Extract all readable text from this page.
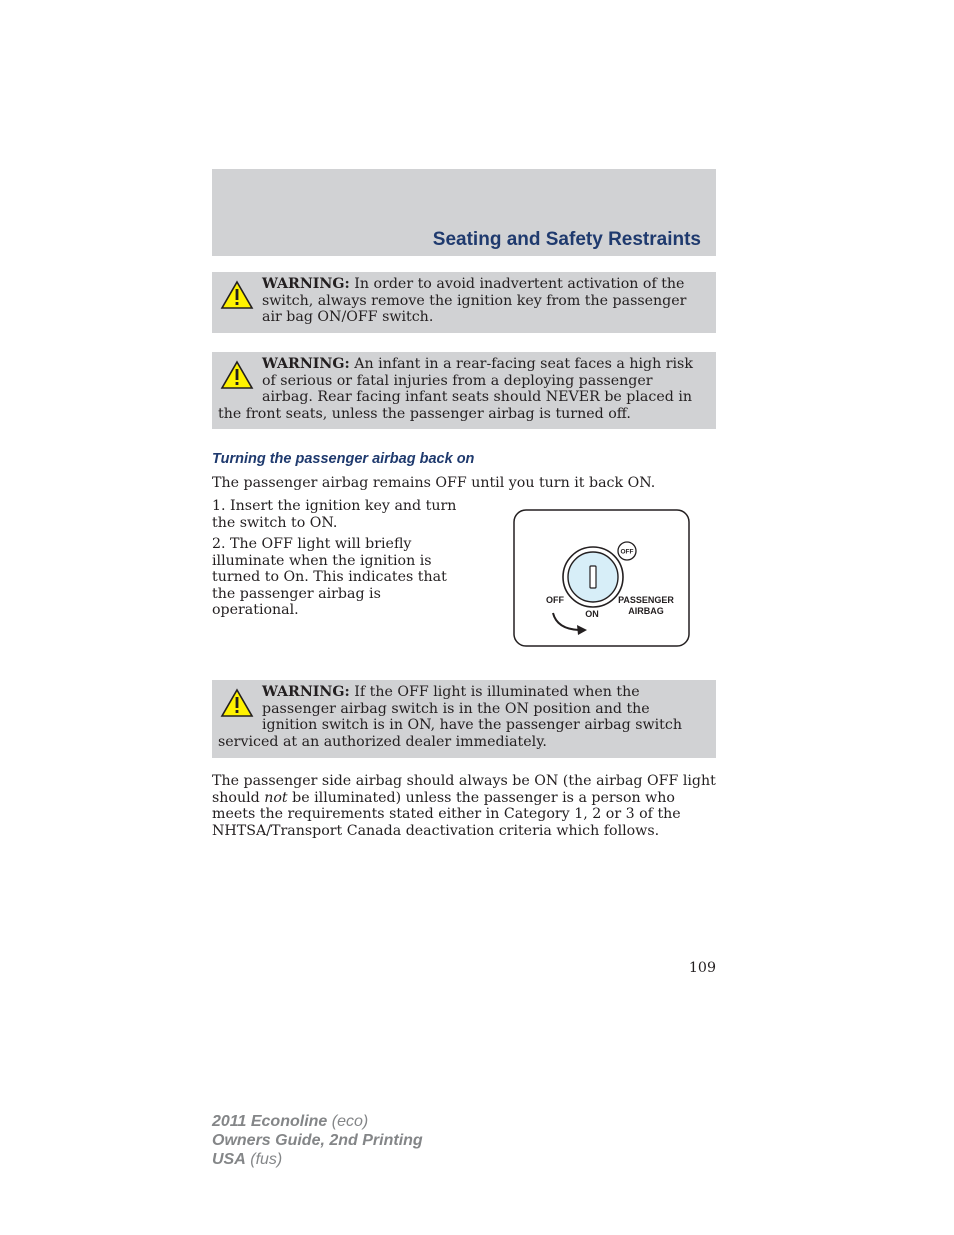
Seating and Safety Restraints
WARNING: In order to avoid inadvertent activation of the switch, always remove the ignition key from the passenger air bag ON/OFF switch.
WARNING: An infant in a rear-facing seat faces a high risk of serious or fatal injuries from a deploying passenger airbag. Rear facing infant seats should NEVER be placed in the front seats, unless the passenger airbag is turned off.
Turning the passenger airbag back on

The passenger airbag remains OFF until you turn it back ON.

1. Insert the ignition key and turn the switch to ON.

2. The OFF light will briefly illuminate when the ignition is turned to On. This indicates that the passenger airbag is operational.

OFF
OFF
ON
PASSENGER
AIRBAG
WARNING: If the OFF light is illuminated when the passenger airbag switch is in the ON position and the ignition switch is in ON, have the passenger airbag switch serviced at an authorized dealer immediately.

The passenger side airbag should always be ON (the airbag OFF light should not be illuminated) unless the passenger is a person who meets the requirements stated either in Category 1, 2 or 3 of the NHTSA/Transport Canada deactivation criteria which follows.

109
2011 Econoline (eco)
Owners Guide, 2nd Printing
USA (fus)
